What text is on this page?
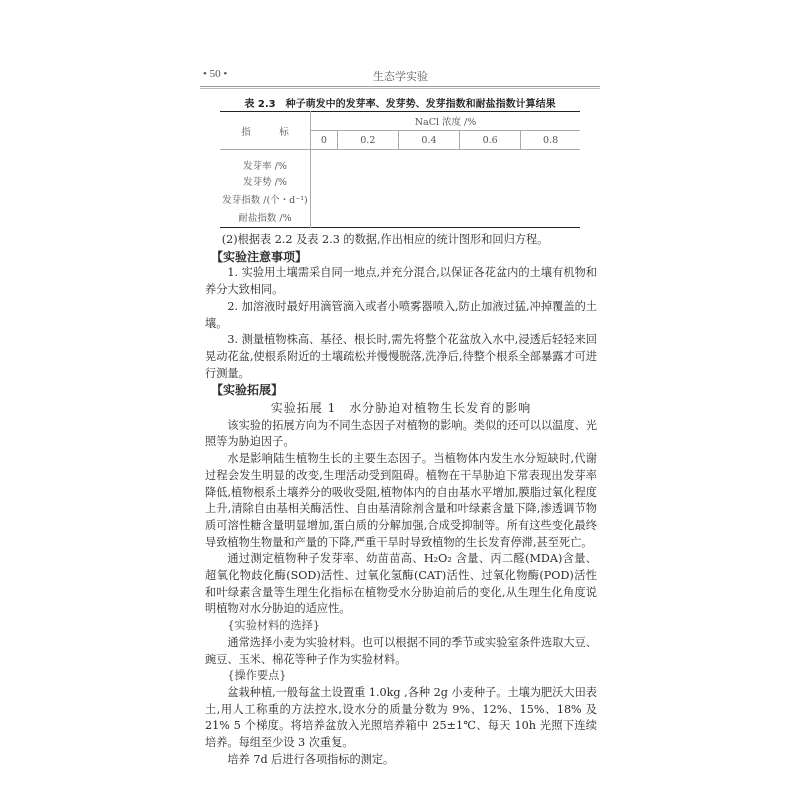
• 50 •	生态学实验
表 2.3　种子萌发中的发芽率、发芽势、发芽指数和耐盐指数计算结果
指　　　标	NaCl 浓度 /%				
	0	0.2	0.4	0.6	0.8
发芽率 /%					
发芽势 /%					
发芽指数 /(个・d⁻¹)					
耐盐指数 /%					

(2)根据表 2.2 及表 2.3 的数据,作出相应的统计图形和回归方程。

【实验注意事项】

1. 实验用土壤需采自同一地点,并充分混合,以保证各花盆内的土壤有机物和养分大致相同。

2. 加溶液时最好用滴管滴入或者小喷雾器喷入,防止加液过猛,冲掉覆盖的土壤。

3. 测量植物株高、基径、根长时,需先将整个花盆放入水中,浸透后轻轻来回晃动花盆,使根系附近的土壤疏松并慢慢脱落,洗净后,待整个根系全部暴露才可进行测量。

【实验拓展】

实验拓展 1　水分胁迫对植物生长发育的影响

该实验的拓展方向为不同生态因子对植物的影响。类似的还可以以温度、光照等为胁迫因子。

水是影响陆生植物生长的主要生态因子。当植物体内发生水分短缺时,代谢过程会发生明显的改变,生理活动受到阻碍。植物在干旱胁迫下常表现出发芽率降低,植物根系土壤养分的吸收受阻,植物体内的自由基水平增加,膜脂过氧化程度上升,清除自由基相关酶活性、自由基清除剂含量和叶绿素含量下降,渗透调节物质可溶性糖含量明显增加,蛋白质的分解加强,合成受抑制等。所有这些变化最终导致植物生物量和产量的下降,严重干旱时导致植物的生长发育停滞,甚至死亡。

通过测定植物种子发芽率、幼苗苗高、H₂O₂ 含量、丙二醛(MDA)含量、超氧化物歧化酶(SOD)活性、过氧化氢酶(CAT)活性、过氧化物酶(POD)活性和叶绿素含量等生理生化指标在植物受水分胁迫前后的变化,从生理生化角度说明植物对水分胁迫的适应性。

{实验材料的选择}

通常选择小麦为实验材料。也可以根据不同的季节或实验室条件选取大豆、豌豆、玉米、棉花等种子作为实验材料。

{操作要点}

盆栽种植,一般每盆土设置重 1.0kg ,各种 2g 小麦种子。土壤为肥沃大田表土,用人工称重的方法控水,设水分的质量分数为 9%、12%、15%、18% 及 21% 5 个梯度。将培养盆放入光照培养箱中 25±1℃、每天 10h 光照下连续培养。每组至少设 3 次重复。

培养 7d 后进行各项指标的测定。
